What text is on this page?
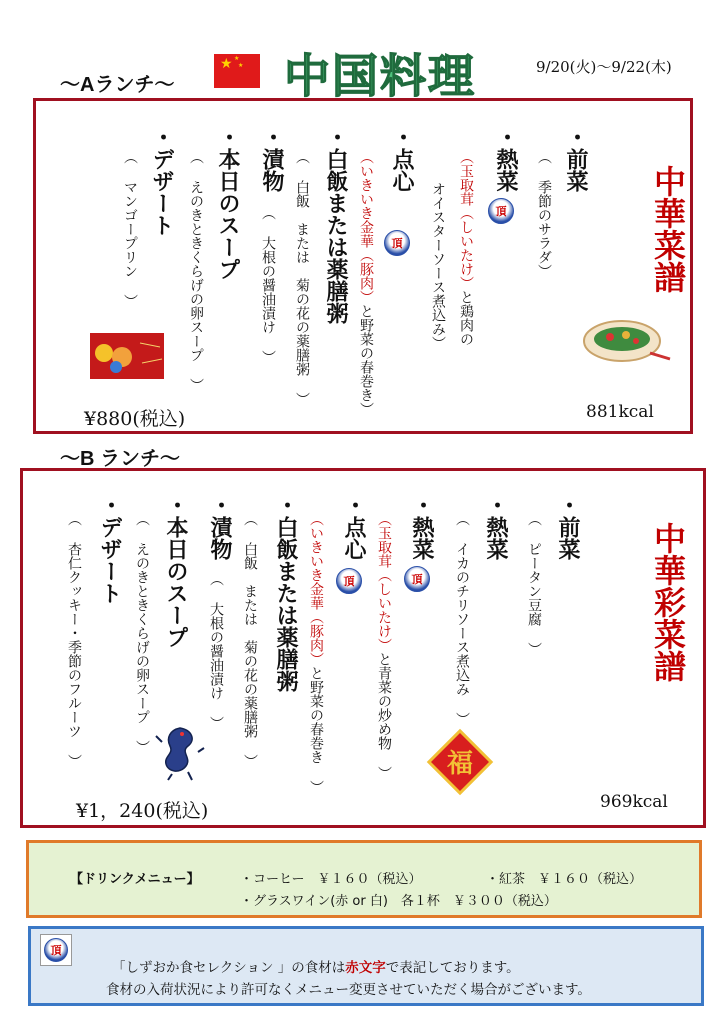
〜Aランチ〜
★ ★
★ 中国料理	9/20(火)〜9/22(木)
中華菜譜
・前菜
（ 季節のサラダ）
・熱菜
頂
（玉取茸（しいたけ）と鶏肉の
オイスターソース煮込み）
・点心
頂
（いきいき金華（豚肉）と野菜の春巻き）
・白飯または薬膳粥
（ 白飯　または　菊の花の薬膳粥 ）
・漬物
（ 大根の醤油漬け ）
・本日のスープ
（ えのきときくらげの卵スープ ）
・デザート
（ マンゴープリン ）
¥880(税込)	881kcal
〜B ランチ〜
中華彩菜譜
・前菜
（ ピータン豆腐 ）
・熱菜
（ イカのチリソース煮込み ）
・熱菜
頂
（玉取茸（しいたけ）と青菜の炒め物 ）
・点心
頂
（いきいき金華（豚肉）と野菜の春巻き ）
・白飯または薬膳粥
（ 白飯　または　菊の花の薬膳粥 ）
・漬物
（ 大根の醤油漬け ）
・本日のスープ
（ えのきときくらげの卵スープ ）
・デザート
（ 杏仁クッキー・季節のフルーツ ）	福
¥1，240(税込)	969kcal
【ドリンクメニュー】	・コーヒー　￥１６０（税込）	・紅茶　￥１６０（税込）
・グラスワイン(赤 or 白)　各１杯　￥３００（税込）
頂
「しずおか食セレクション 」の食材は赤文字で表記しております。
食材の入荷状況により許可なくメニュー変更させていただく場合がございます。
